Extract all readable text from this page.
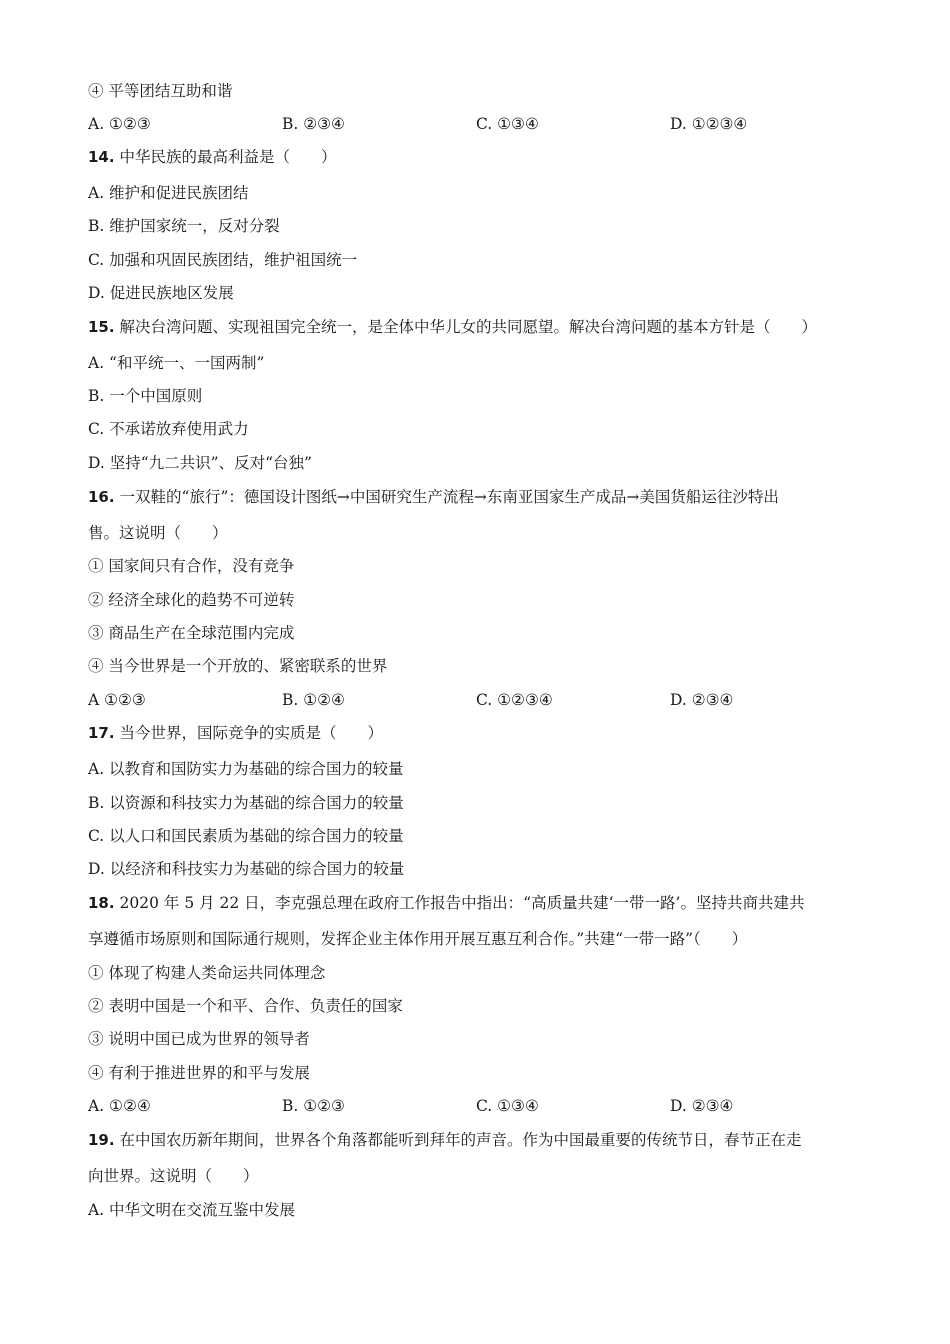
④ 平等团结互助和谐
A. ①②③	B. ②③④	C. ①③④	D. ①②③④
14. 中华民族的最高利益是（　　）
A. 维护和促进民族团结
B. 维护国家统一，反对分裂
C. 加强和巩固民族团结，维护祖国统一
D. 促进民族地区发展
15. 解决台湾问题、实现祖国完全统一，是全体中华儿女的共同愿望。解决台湾问题的基本方针是（　　）
A. “和平统一、一国两制”
B. 一个中国原则
C. 不承诺放弃使用武力
D. 坚持“九二共识”、反对“台独”
16. 一双鞋的“旅行”：德国设计图纸→中国研究生产流程→东南亚国家生产成品→美国货船运往沙特出
售。这说明（　　）
① 国家间只有合作，没有竞争
② 经济全球化的趋势不可逆转
③ 商品生产在全球范围内完成
④ 当今世界是一个开放的、紧密联系的世界
A ①②③	B. ①②④	C. ①②③④	D. ②③④
17. 当今世界，国际竞争的实质是（　　）
A. 以教育和国防实力为基础的综合国力的较量
B. 以资源和科技实力为基础的综合国力的较量
C. 以人口和国民素质为基础的综合国力的较量
D. 以经济和科技实力为基础的综合国力的较量
18. 2020 年 5 月 22 日，李克强总理在政府工作报告中指出：“高质量共建‘一带一路’。坚持共商共建共
享遵循市场原则和国际通行规则，发挥企业主体作用开展互惠互利合作。”共建“一带一路”（　　）
① 体现了构建人类命运共同体理念
② 表明中国是一个和平、合作、负责任的国家
③ 说明中国已成为世界的领导者
④ 有利于推进世界的和平与发展
A. ①②④	B. ①②③	C. ①③④	D. ②③④
19. 在中国农历新年期间，世界各个角落都能听到拜年的声音。作为中国最重要的传统节日，春节正在走
向世界。这说明（　　）
A. 中华文明在交流互鉴中发展
